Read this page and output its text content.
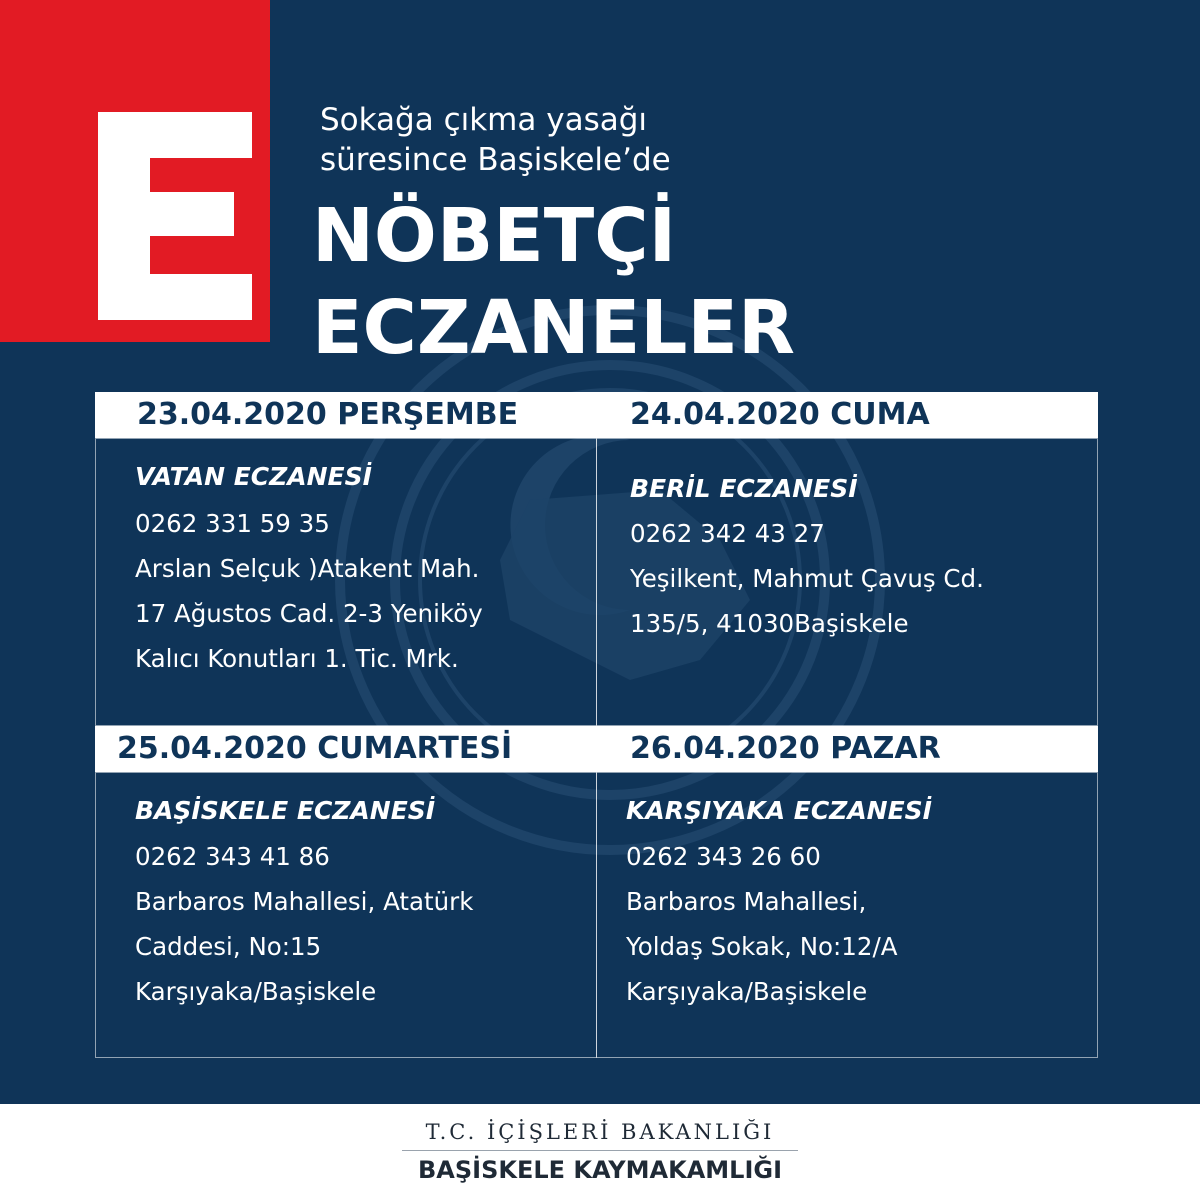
Sokağa çıkma yasağı
süresince Başiskele’de
NÖBETÇİ
ECZANELER
23.04.2020 PERŞEMBE	24.04.2020 CUMA
VATAN ECZANESİ
0262 331 59 35
Arslan Selçuk )Atakent Mah.
17 Ağustos Cad. 2-3 Yeniköy
Kalıcı Konutları 1. Tic. Mrk.
BERİL ECZANESİ
0262 342 43 27
Yeşilkent, Mahmut Çavuş Cd.
135/5, 41030Başiskele
25.04.2020 CUMARTESİ	26.04.2020 PAZAR
BAŞİSKELE ECZANESİ
0262 343 41 86
Barbaros Mahallesi, Atatürk
Caddesi, No:15
Karşıyaka/Başiskele
KARŞIYAKA ECZANESİ
0262 343 26 60
Barbaros Mahallesi,
Yoldaş Sokak, No:12/A
Karşıyaka/Başiskele
T.C. İÇİŞLERİ BAKANLIĞI
BAŞİSKELE KAYMAKAMLIĞI
